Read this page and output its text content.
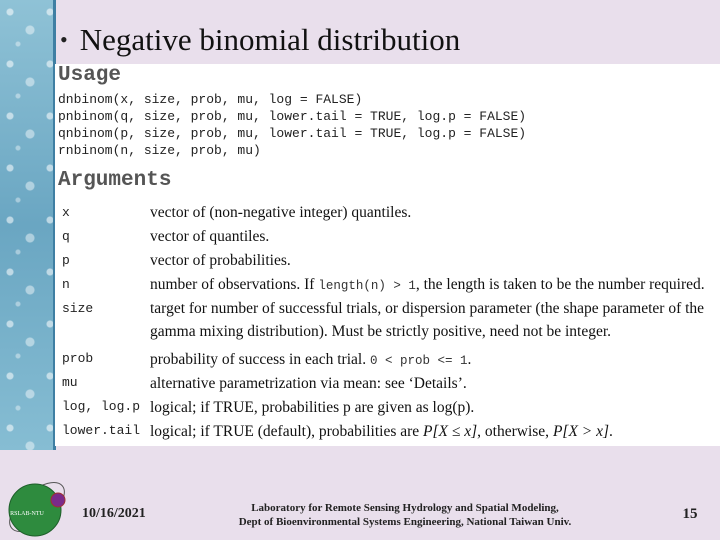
• Negative binomial distribution
Usage
dnbinom(x, size, prob, mu, log = FALSE)
pnbinom(q, size, prob, mu, lower.tail = TRUE, log.p = FALSE)
qnbinom(p, size, prob, mu, lower.tail = TRUE, log.p = FALSE)
rnbinom(n, size, prob, mu)
Arguments
x	vector of (non-negative integer) quantiles.
q	vector of quantiles.
p	vector of probabilities.
n	number of observations. If length(n) > 1, the length is taken to be the number required.
size	target for number of successful trials, or dispersion parameter (the shape parameter of the
gamma mixing distribution). Must be strictly positive, need not be integer.
prob	probability of success in each trial. 0 < prob <= 1.
mu	alternative parametrization via mean: see ‘Details’.
log, log.p logical; if TRUE, probabilities p are given as log(p).
lower.tail logical; if TRUE (default), probabilities are P[X ≤ x], otherwise, P[X > x].
RSLAB-NTU	10/16/2021	Laboratory for Remote Sensing Hydrology and Spatial Modeling,
Dept of Bioenvironmental Systems Engineering, National Taiwan Univ.	15
